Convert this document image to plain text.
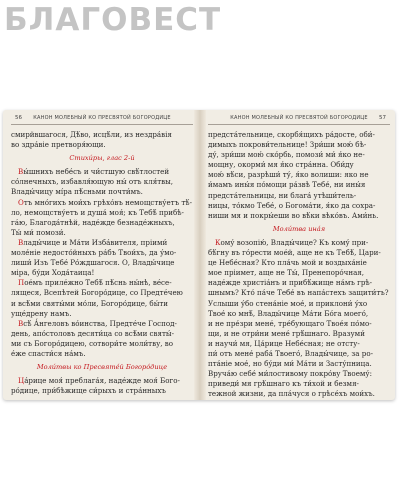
БЛАГОВЕСТ
56	КАНОН МОЛЕБНЫЙ КО ПРЕСВЯТОЙ БОГОРОДИЦЕ
смирйвшагося, Дѣ́во, исцѣ́ли, из нездра́вія
во здра́віе претворя́ющи.
Стихи́ры, глас 2-й
Вы́шнихъ небе́съ и чи́стшую свѣ́тлостей
со́лнечныхъ, избавля́ющую ны́ отъ кля́твы,
Влады́чицу мі́ра пѣ́сньми почти́мъ.
Отъ мно́гихъ мои́хъ грѣхо́въ немощству́етъ тѣ́-
ло, немощству́етъ и душа́ моя́; къ Тебѣ́ прибѣ-
гáю, Благода́тнѣй, надéжде безнадéжныхъ,
Ты́ ми́ помози́.
Влады́чице и Ма́ти Изба́вителя, пріими́
моле́ніе недосто́йныхъ ра́бъ Твои́хъ, да у́мо-
лиши́ Изъ Тебе́ Ро́ждшагося. О, Влады́чице
міра, бу́ди Хода́таица!
Поéмъ прилéжно Тебѣ́ пѣ́снь ны́нѣ, вéсе-
лящеся, Всепѣтей Богоро́дице, со Предтéчею
и всѣ́ми святы́ми мо́ли, Богоро́дице, бы́ти
ущéдрену намъ.
Всѣ́ А́нгеловъ во́инства, Предтéче Господ-
день, апо́столовъ десяти́ца со всѣ́ми святы́-
ми съ Богоро́дицею, сотвори́те моли́тву, во
е́же спасти́ся на́мъ.
Моли́твы ко Пресвяте́й Богоро́дице
Ца́рице моя́ преблага́я, надéжде моя́ Бого-
ро́дице, при́бѣжище си́рыхъ и стра́нныхъ
КАНОН МОЛЕБНЫЙ КО ПРЕСВЯТОЙ БОГОРОДИЦЕ	57
предста́тельнице, скорбя́щихъ ра́досте, оби́-
димыхъ покрови́тельнице! Зри́ши мою́ бѣ-
ду́, зри́ши мою́ ско́рбь, помози́ ми́ я́ко не-
мощну, окорми́ мя я́ко стра́нна. Оби́ду
мою́ вѣ́си, разрѣши́ ту́, я́ко волиши: яко не
и́мамъ ины́я по́мощи ра́звѣ Тебе́, ни ины́я
предста́тельницы, ни блага́ утѣши́тель-
ницы, то́кмо Тебе́, о Богома́ти, я́ко да сохра-
ниши мя и покры́еши во вѣ́ки вѣко́въ. Ами́нь.
Моли́тва ина́я
Кому́ возопію́, Влады́чице? Къ кому́ при-
бѣ́гну въ го́рести моéй, аще не къ Тебѣ́, Цари-
це Небе́сная? Кто пла́чь мой и воздыха́ніе
мое пріимет, аще не Ты́, Пренепоро́чная,
надéжде христіа́нъ и прибѣ́жище на́мъ грѣ-
шнымъ? Кто́ па́че Тебе́ въ напа́стехъ защити́тъ?
Услыши у́бо стена́ніе мое́, и приклони́ у́хо
Твое́ ко мнѣ́, Влады́чице Ма́ти Бо́га моего́,
и не пре́зри менé, тре́бующаго Твое́я по́мо-
щи, и не отри́ни мене́ грѣ́шнаго. Вразуми́
и научи́ мя, Ца́рице Небе́сная; не отсту-
пи́ отъ мене́ раба́ Твоего́, Влады́чице, за ро-
пта́ніе мое́, но бу́ди ми́ Ма́ти и Засту́пница.
Вруча́ю себе́ ми́лостивому покро́ву Твоему́:
приведи́ мя грѣ́шнаго къ ти́хой и безмя-
тежной жизни, да пла́чуся о грѣсе́хъ мои́хъ.
